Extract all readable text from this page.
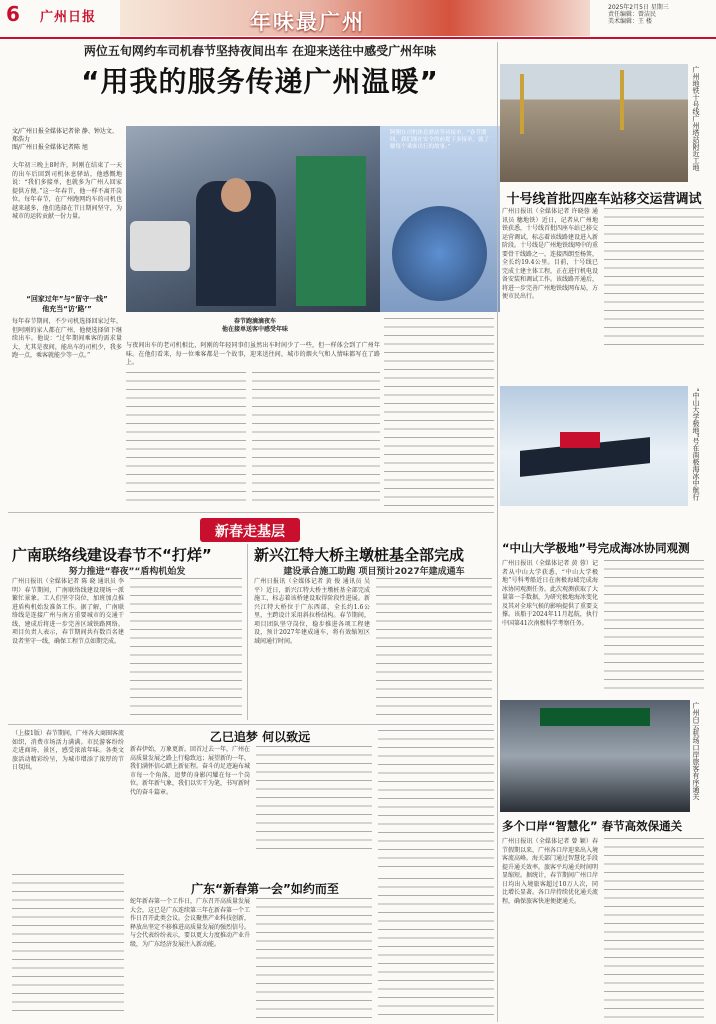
6 广州日报	年味最广州
2025年2月5日 星期三
责任编辑：曾洁民
美术编辑：王 楼
两位五旬网约车司机春节坚持夜间出车 在迎来送往中感受广州年味
“用我的服务传递广州温暖”
文/广州日报全媒体记者徐 静、钟达文、郑浩力
图/广州日报全媒体记者陈 旭
大年初三晚上8时许，阿刚在结束了一天的出车后回到司机休息驿站，他感慨地说：“我们多接单，也就多为广州人回家提供方便。”这一年春节，他一样不离开岗位。每年春节，在广州跑网约车的司机也越来越多，他们选择在节日期间坚守，为城市的运转贡献一份力量。
“回家过年”与“留守一线”
他充当“访‘路’”
每年春节期间，不少司机选择回家过年，但阿刚的家人都在广州，他便选择留下继续出车。他说：“过年期间乘客的需求量大，尤其是夜间，能出车的司机少，我多跑一点，乘客就能少等一点。”
阿刚在司机休息驿站等待接单，“春节期间，我们能在安全的前提下多接单，就了解每个乘客出行的故事。”
春节跑滴滴夜车
他在接单送客中感受年味
与夜间出车的老司机相比，阿刚的年轻同事们虽然出车时间少了一些，但一样体会到了广州年味。在他们看来，每一位乘客都是一个故事，迎来送往间，城市的烟火气和人情味都写在了路上。
广州地铁十号线广州塔站附近工地
十号线首批四座车站移交运营调试
广州日报讯（全媒体记者 许晓蓉 通讯员 穗地铁）近日，记者从广州地铁获悉，十号线首批四座车站已移交运营调试，标志着该线路建设进入新阶段。十号线是广州地铁线网中的重要骨干线路之一，连接西朗至杨箕，全长约19.4公里。目前，十号线已完成土建主体工程，正在进行机电设备安装和调试工作。该线路开通后，将进一步完善广州地铁线网布局，方便市民出行。
“中山大学极地”号在南极海冰中航行
“中山大学极地”号完成海冰协同观测
广州日报讯（全媒体记者 黄 蓉）记者从中山大学获悉，“中山大学极地”号科考船近日在南极海域完成海冰协同观测任务。此次观测获取了大量第一手数据，为研究极地海冰变化及其对全球气候的影响提供了重要支撑。该船于2024年11月起航，执行中国第41次南极科学考察任务。
广州白云机场口岸旅客有序通关
多个口岸“智慧化” 春节高效保通关
广州日报讯（全媒体记者 曾 颖）春节假期以来，广州各口岸迎来出入境客流高峰。海关部门通过智慧化手段提升通关效率，旅客平均通关时间明显缩短。据统计，春节期间广州口岸日均出入境旅客超过10万人次，同比增长显著。各口岸持续优化通关流程，确保旅客快速便捷通关。
新春走基层
广南联络线建设春节不“打烊”
努力推进“春夜”“盾构机始发
广州日报讯（全媒体记者 陈 晓 通讯员 李 明）春节期间，广南联络线建设现场一派繁忙景象。工人们坚守岗位，加班加点推进盾构机始发准备工作。据了解，广南联络线是连接广州与南方重要城市的交通干线，建成后将进一步完善区域铁路网络。项目负责人表示，春节期间共有数百名建设者坚守一线，确保工程节点如期完成。
新兴江特大桥主墩桩基全部完成
建设承合施工助跑 项目预计2027年建成通车
广州日报讯（全媒体记者 黄 俊 通讯员 吴 平）近日，新兴江特大桥主墩桩基全部完成施工，标志着该桥建设取得阶段性进展。新兴江特大桥位于广东西部，全长约1.6公里，主跨设计采用斜拉桥结构。春节期间，项目团队坚守岗位，稳步推进各项工程建设，预计2027年建成通车，将有效缩短区域间通行时间。
（上接1版）春节期间，广州各大商圈客流如织，消费市场活力满满。市民游客纷纷走进商场、景区，感受浓浓年味。各类文旅活动精彩纷呈，为城市增添了浓厚的节日氛围。
乙巳追梦 何以致远
新春伊始，万象更新。回首过去一年，广州在高质量发展之路上行稳致远；展望新的一年，我们满怀信心踏上新征程。奋斗的足迹遍布城市每一个角落，追梦的身影闪耀在每一个岗位。新年新气象，我们以实干为笔，书写新时代的奋斗篇章。
广东“新春第一会”如约而至
蛇年新春第一个工作日，广东召开高质量发展大会，这已是广东连续第三年在新春第一个工作日召开此类会议。会议聚焦产业科技创新，释放出坚定不移推进高质量发展的强烈信号。与会代表纷纷表示，要以更大力度推动产业升级，为广东经济发展注入新动能。
